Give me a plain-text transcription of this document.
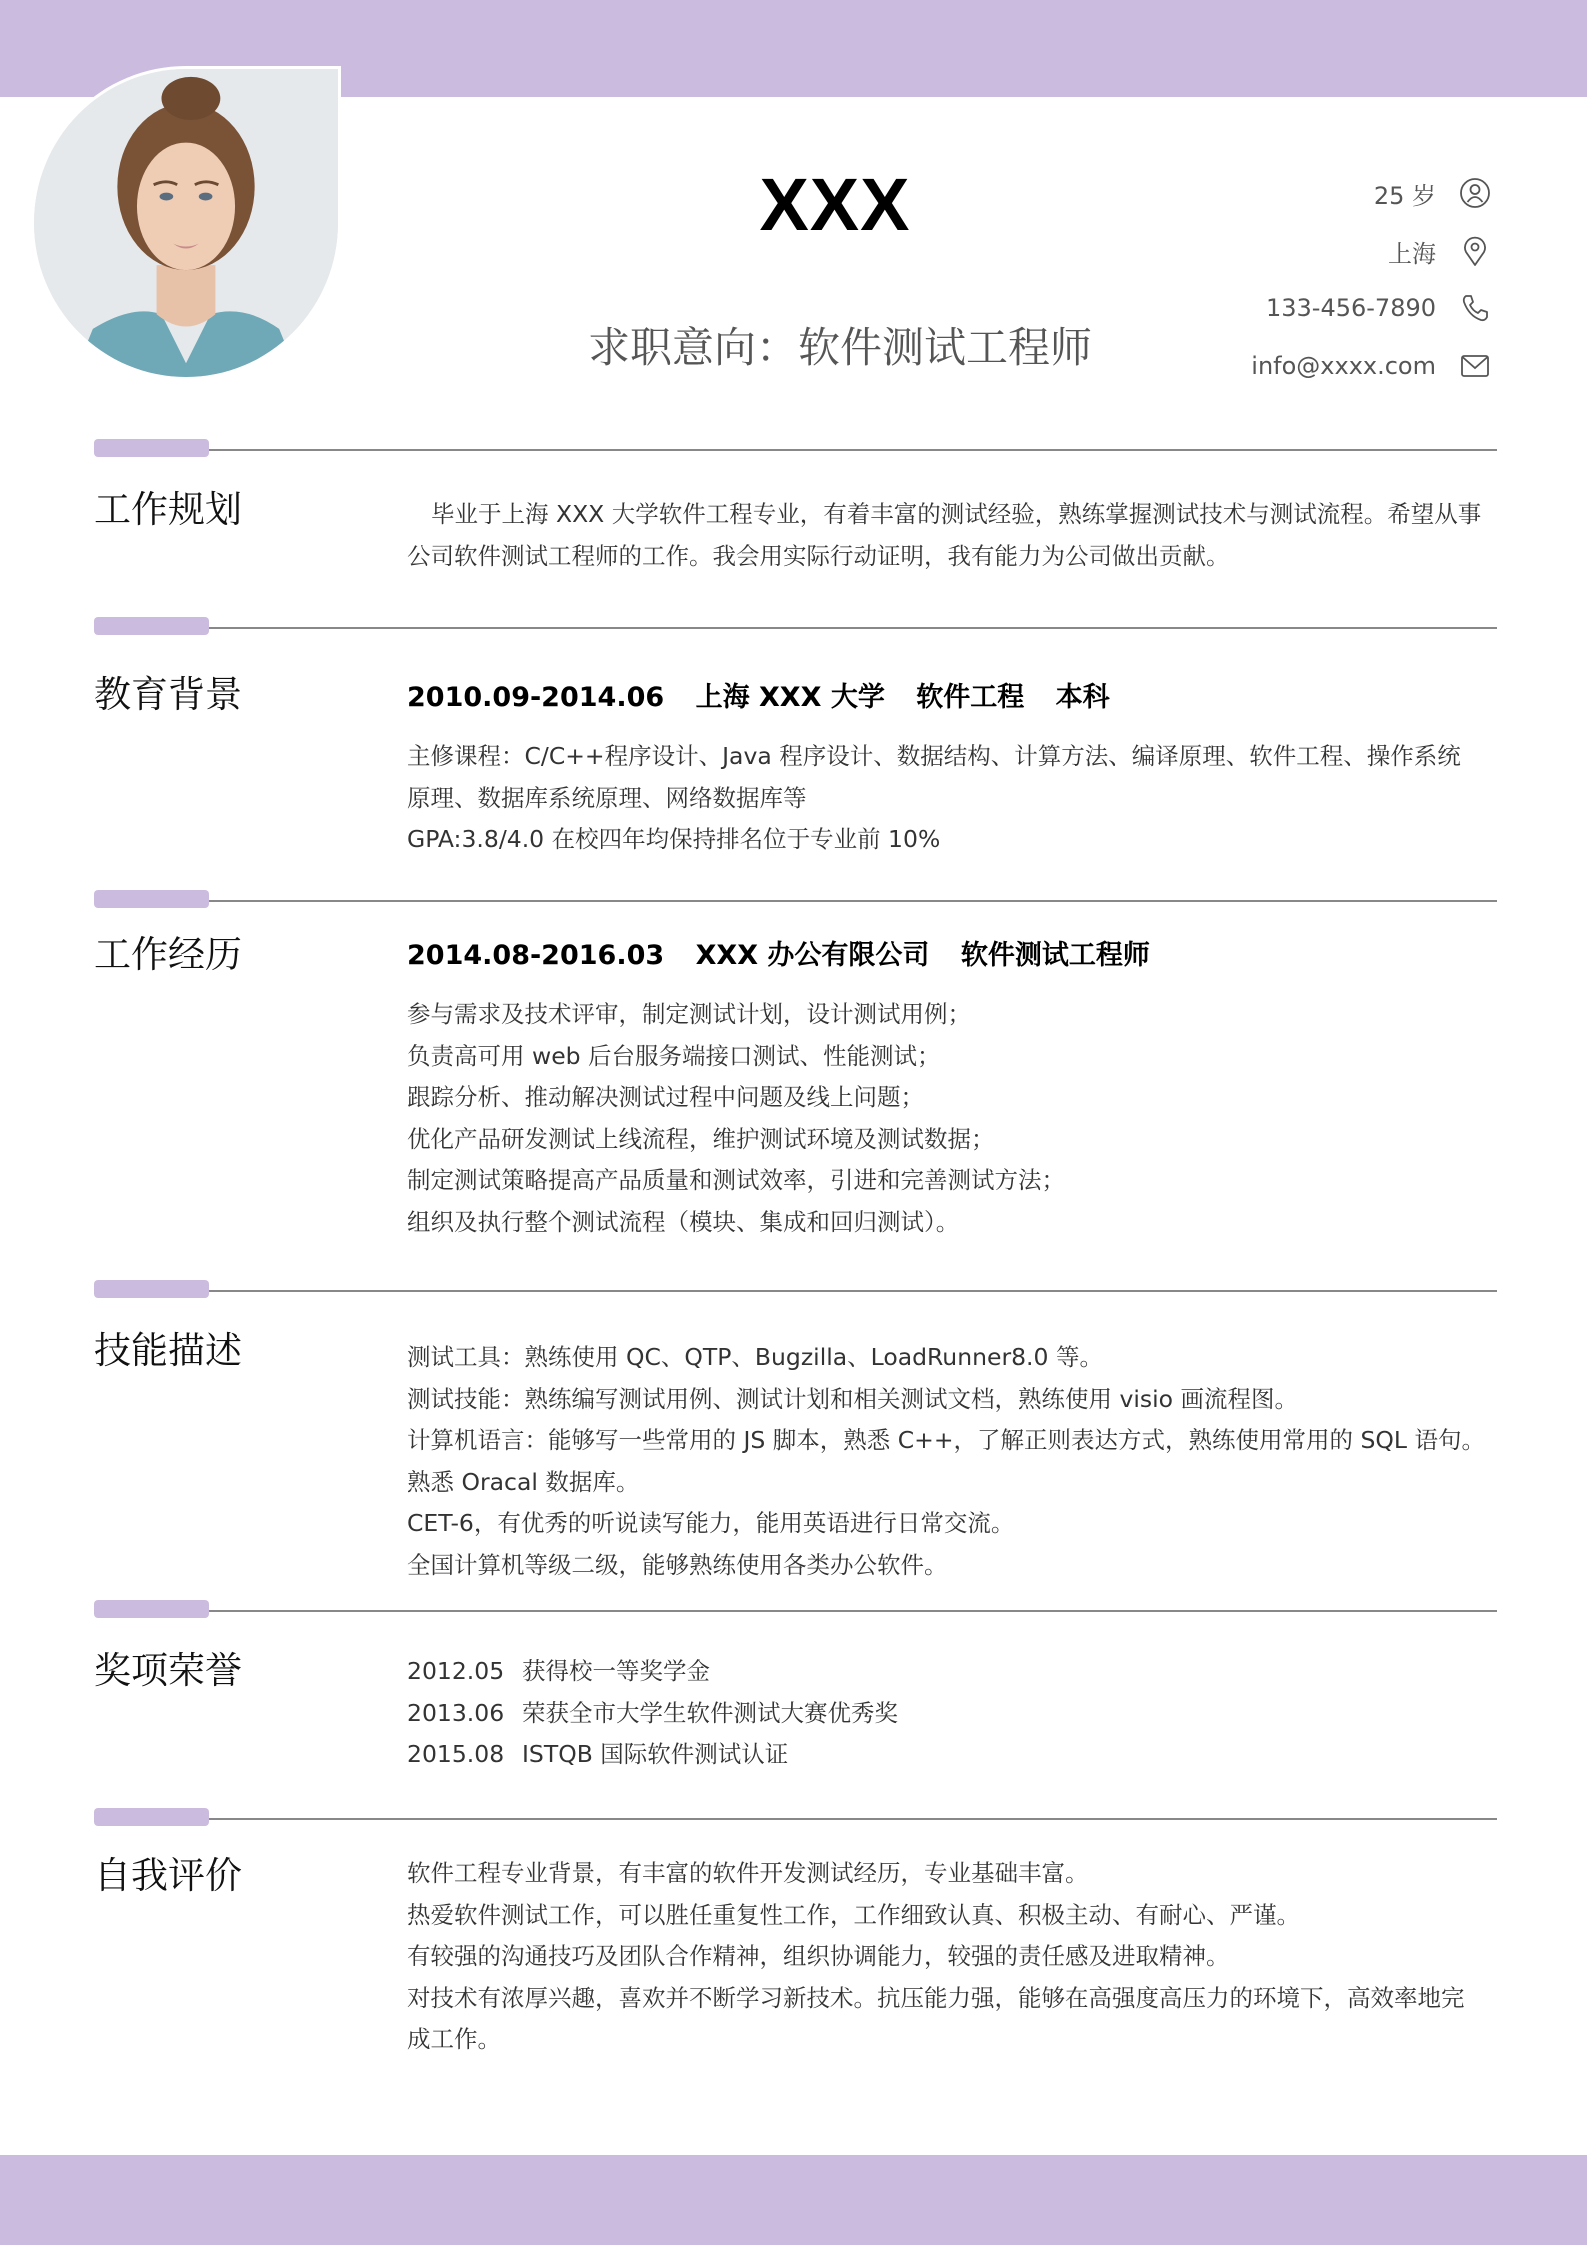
XXX
求职意向：软件测试工程师
25 岁
上海
133-456-7890
info@xxxx.com
工作规划	毕业于上海 XXX 大学软件工程专业，有着丰富的测试经验，熟练掌握测试技术与测试流程。希望从事公司软件测试工程师的工作。我会用实际行动证明，我有能力为公司做出贡献。
教育背景	2010.09-2014.06 上海 XXX 大学 软件工程 本科
主修课程：C/C++程序设计、Java 程序设计、数据结构、计算方法、编译原理、软件工程、操作系统
原理、数据库系统原理、网络数据库等
GPA:3.8/4.0 在校四年均保持排名位于专业前 10%
工作经历	2014.08-2016.03 XXX 办公有限公司 软件测试工程师
参与需求及技术评审，制定测试计划，设计测试用例；
负责高可用 web 后台服务端接口测试、性能测试；
跟踪分析、推动解决测试过程中问题及线上问题；
优化产品研发测试上线流程，维护测试环境及测试数据；
制定测试策略提高产品质量和测试效率，引进和完善测试方法；
组织及执行整个测试流程（模块、集成和回归测试）。
技能描述	测试工具：熟练使用 QC、QTP、Bugzilla、LoadRunner8.0 等。
测试技能：熟练编写测试用例、测试计划和相关测试文档，熟练使用 visio 画流程图。
计算机语言：能够写一些常用的 JS 脚本，熟悉 C++，了解正则表达方式，熟练使用常用的 SQL 语句。
熟悉 Oracal 数据库。
CET-6，有优秀的听说读写能力，能用英语进行日常交流。
全国计算机等级二级，能够熟练使用各类办公软件。
奖项荣誉	2012.05 获得校一等奖学金
2013.06 荣获全市大学生软件测试大赛优秀奖
2015.08 ISTQB 国际软件测试认证
自我评价	软件工程专业背景，有丰富的软件开发测试经历，专业基础丰富。
热爱软件测试工作，可以胜任重复性工作，工作细致认真、积极主动、有耐心、严谨。
有较强的沟通技巧及团队合作精神，组织协调能力，较强的责任感及进取精神。
对技术有浓厚兴趣，喜欢并不断学习新技术。抗压能力强，能够在高强度高压力的环境下，高效率地完
成工作。
